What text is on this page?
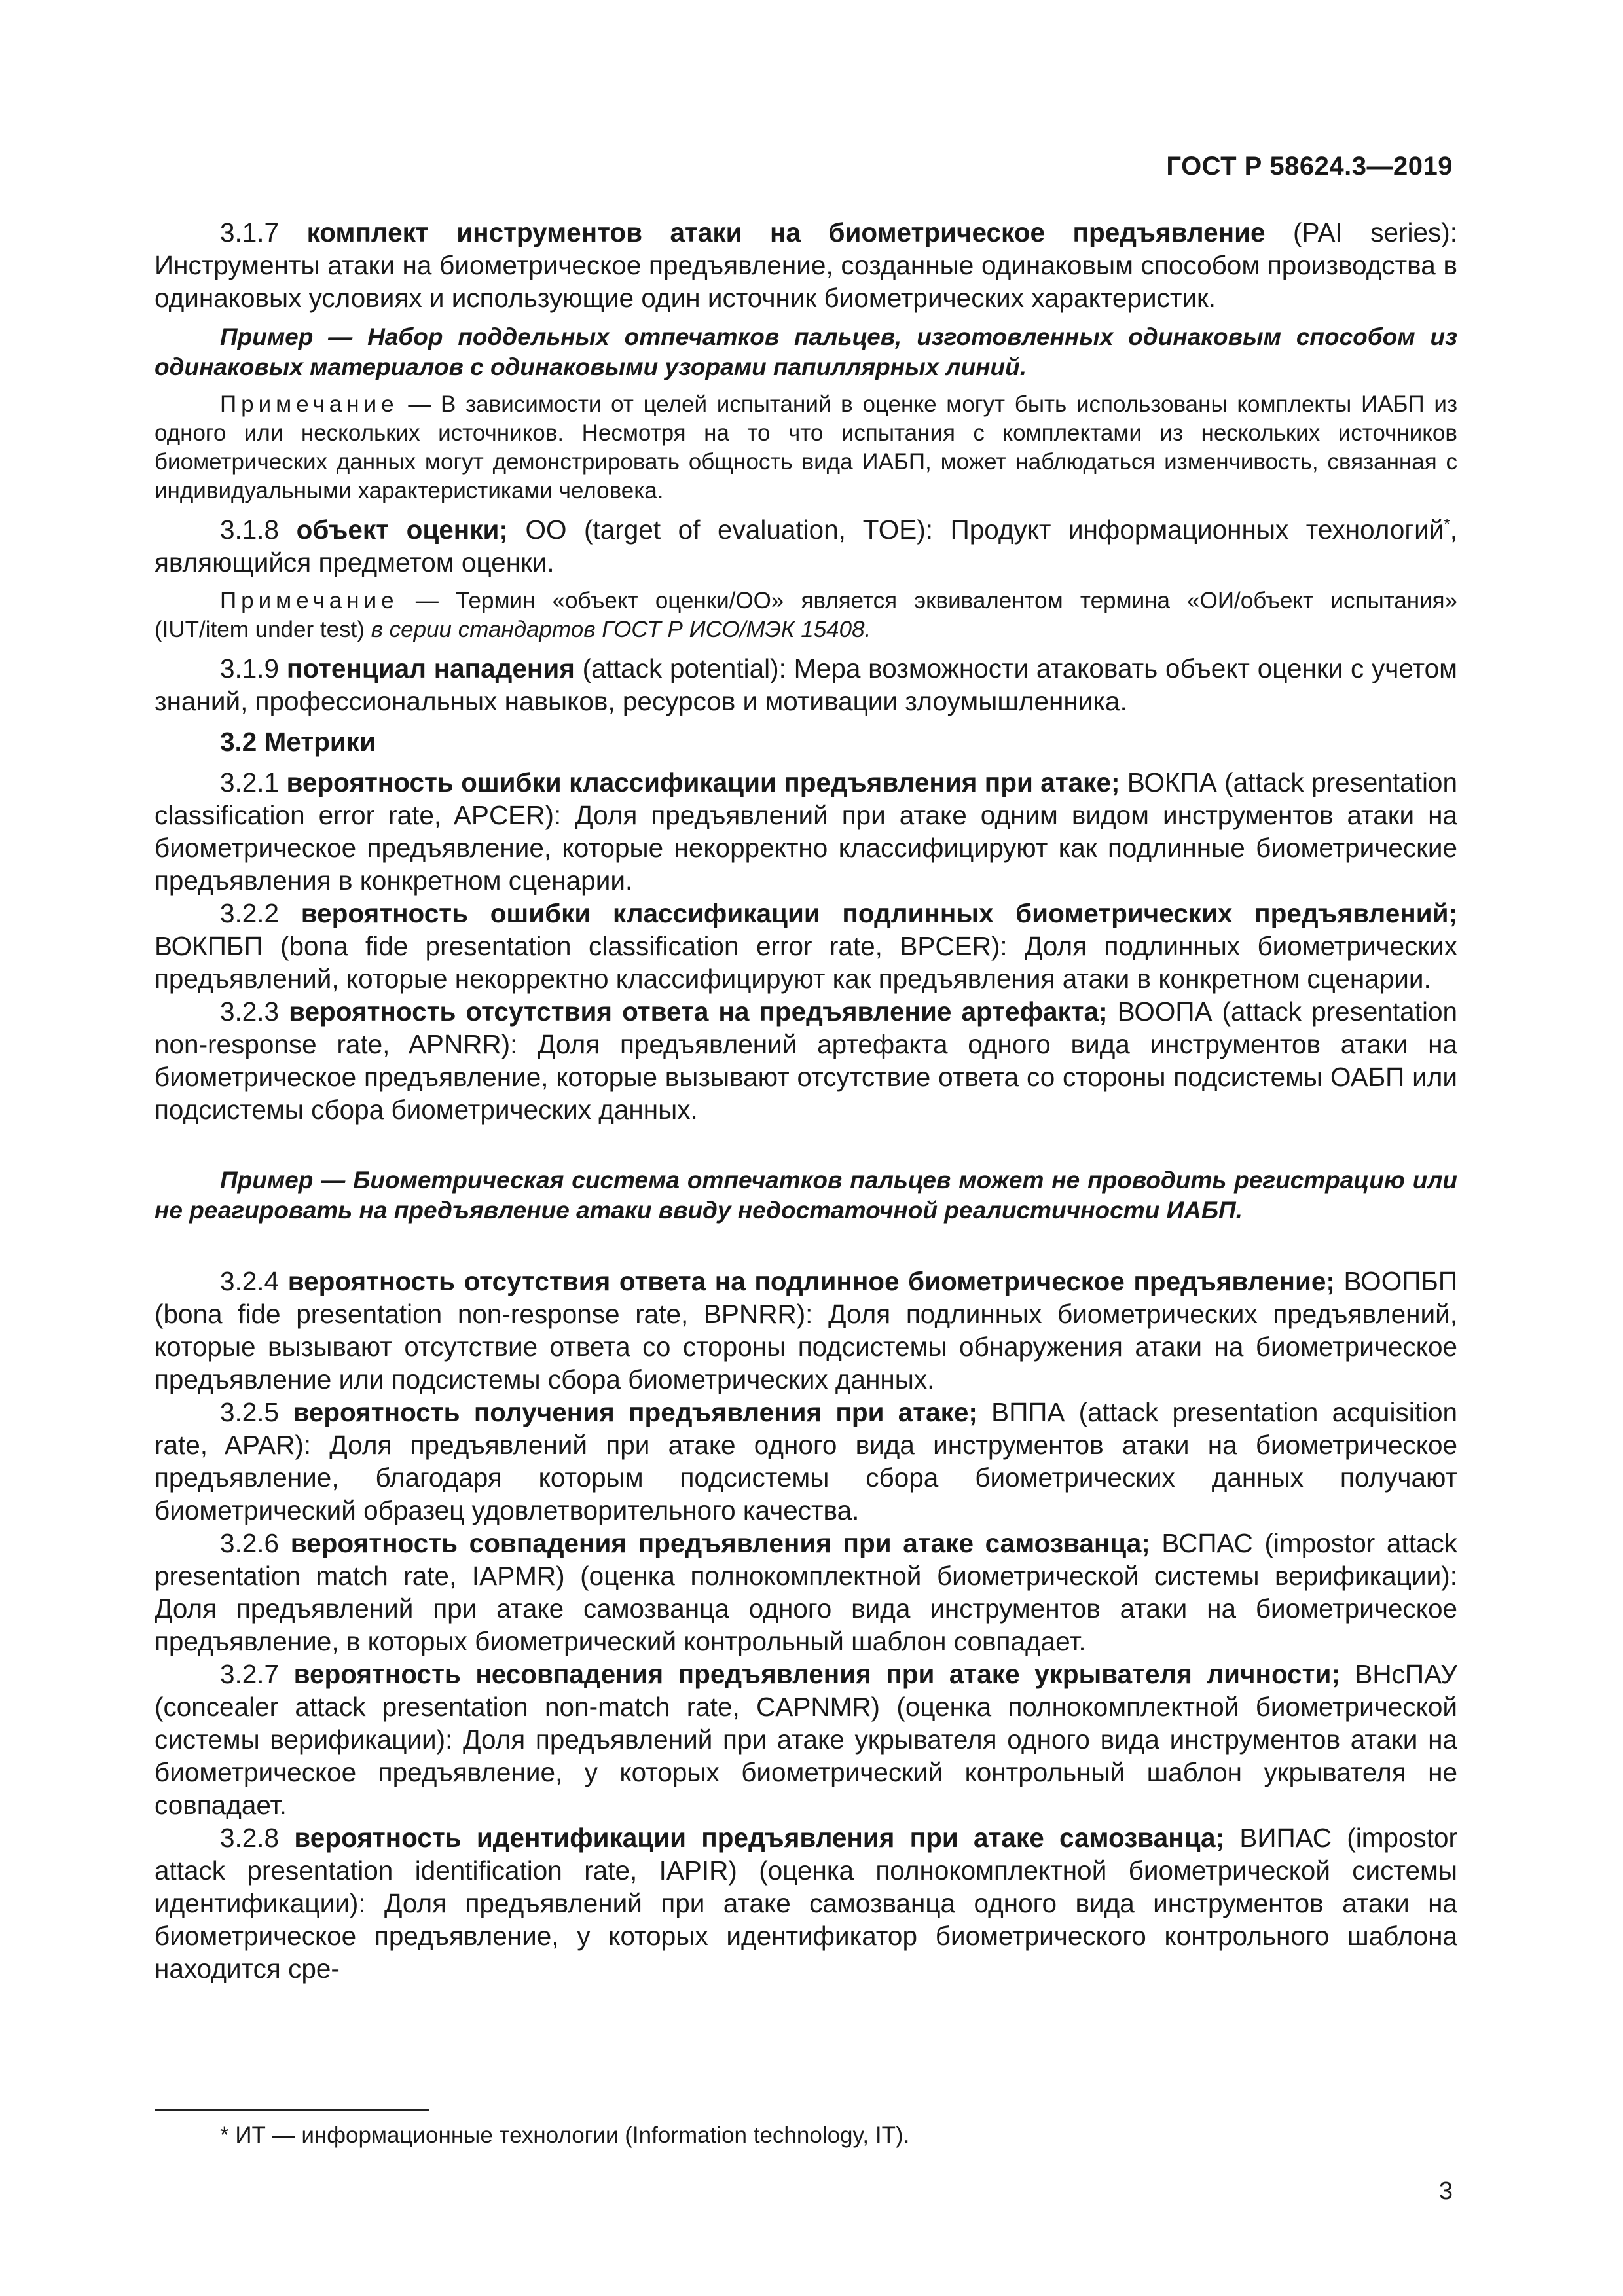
ГОСТ Р 58624.3—2019

3.1.7 комплект инструментов атаки на биометрическое предъявление (PAI series): Инструменты атаки на биометрическое предъявление, созданные одинаковым способом производства в одинаковых условиях и использующие один источник биометрических характеристик.

Пример — Набор поддельных отпечатков пальцев, изготовленных одинаковым способом из одинаковых материалов с одинаковыми узорами папиллярных линий.

Примечание — В зависимости от целей испытаний в оценке могут быть использованы комплекты ИАБП из одного или нескольких источников. Несмотря на то что испытания с комплектами из нескольких источников биометрических данных могут демонстрировать общность вида ИАБП, может наблюдаться изменчивость, связанная с индивидуальными характеристиками человека.

3.1.8 объект оценки; ОО (target of evaluation, TOE): Продукт информационных технологий*, являющийся предметом оценки.

Примечание — Термин «объект оценки/ОО» является эквивалентом термина «ОИ/объект испытания» (IUT/item under test) в серии стандартов ГОСТ Р ИСО/МЭК 15408.

3.1.9 потенциал нападения (attack potential): Мера возможности атаковать объект оценки с учетом знаний, профессиональных навыков, ресурсов и мотивации злоумышленника.

3.2 Метрики

3.2.1 вероятность ошибки классификации предъявления при атаке; ВОКПА (attack presentation classification error rate, APCER): Доля предъявлений при атаке одним видом инструментов атаки на биометрическое предъявление, которые некорректно классифицируют как подлинные биометрические предъявления в конкретном сценарии.

3.2.2 вероятность ошибки классификации подлинных биометрических предъявлений; ВОКПБП (bona fide presentation classification error rate, BPCER): Доля подлинных биометрических предъявлений, которые некорректно классифицируют как предъявления атаки в конкретном сценарии.

3.2.3 вероятность отсутствия ответа на предъявление артефакта; ВООПА (attack presentation non-response rate, APNRR): Доля предъявлений артефакта одного вида инструментов атаки на биометрическое предъявление, которые вызывают отсутствие ответа со стороны подсистемы ОАБП или подсистемы сбора биометрических данных.

Пример — Биометрическая система отпечатков пальцев может не проводить регистрацию или не реагировать на предъявление атаки ввиду недостаточной реалистичности ИАБП.

3.2.4 вероятность отсутствия ответа на подлинное биометрическое предъявление; ВООПБП (bona fide presentation non-response rate, BPNRR): Доля подлинных биометрических предъявлений, которые вызывают отсутствие ответа со стороны подсистемы обнаружения атаки на биометрическое предъявление или подсистемы сбора биометрических данных.

3.2.5 вероятность получения предъявления при атаке; ВППА (attack presentation acquisition rate, APAR): Доля предъявлений при атаке одного вида инструментов атаки на биометрическое предъявление, благодаря которым подсистемы сбора биометрических данных получают биометрический образец удовлетворительного качества.

3.2.6 вероятность совпадения предъявления при атаке самозванца; ВСПАС (impostor attack presentation match rate, IAPMR) (оценка полнокомплектной биометрической системы верификации): Доля предъявлений при атаке самозванца одного вида инструментов атаки на биометрическое предъявление, в которых биометрический контрольный шаблон совпадает.

3.2.7 вероятность несовпадения предъявления при атаке укрывателя личности; ВНсПАУ (concealer attack presentation non-match rate, CAPNMR) (оценка полнокомплектной биометрической системы верификации): Доля предъявлений при атаке укрывателя одного вида инструментов атаки на биометрическое предъявление, у которых биометрический контрольный шаблон укрывателя не совпадает.

3.2.8 вероятность идентификации предъявления при атаке самозванца; ВИПАС (impostor attack presentation identification rate, IAPIR) (оценка полнокомплектной биометрической системы идентификации): Доля предъявлений при атаке самозванца одного вида инструментов атаки на биометрическое предъявление, у которых идентификатор биометрического контрольного шаблона находится сре-

* ИТ — информационные технологии (Information technology, IT).
3
